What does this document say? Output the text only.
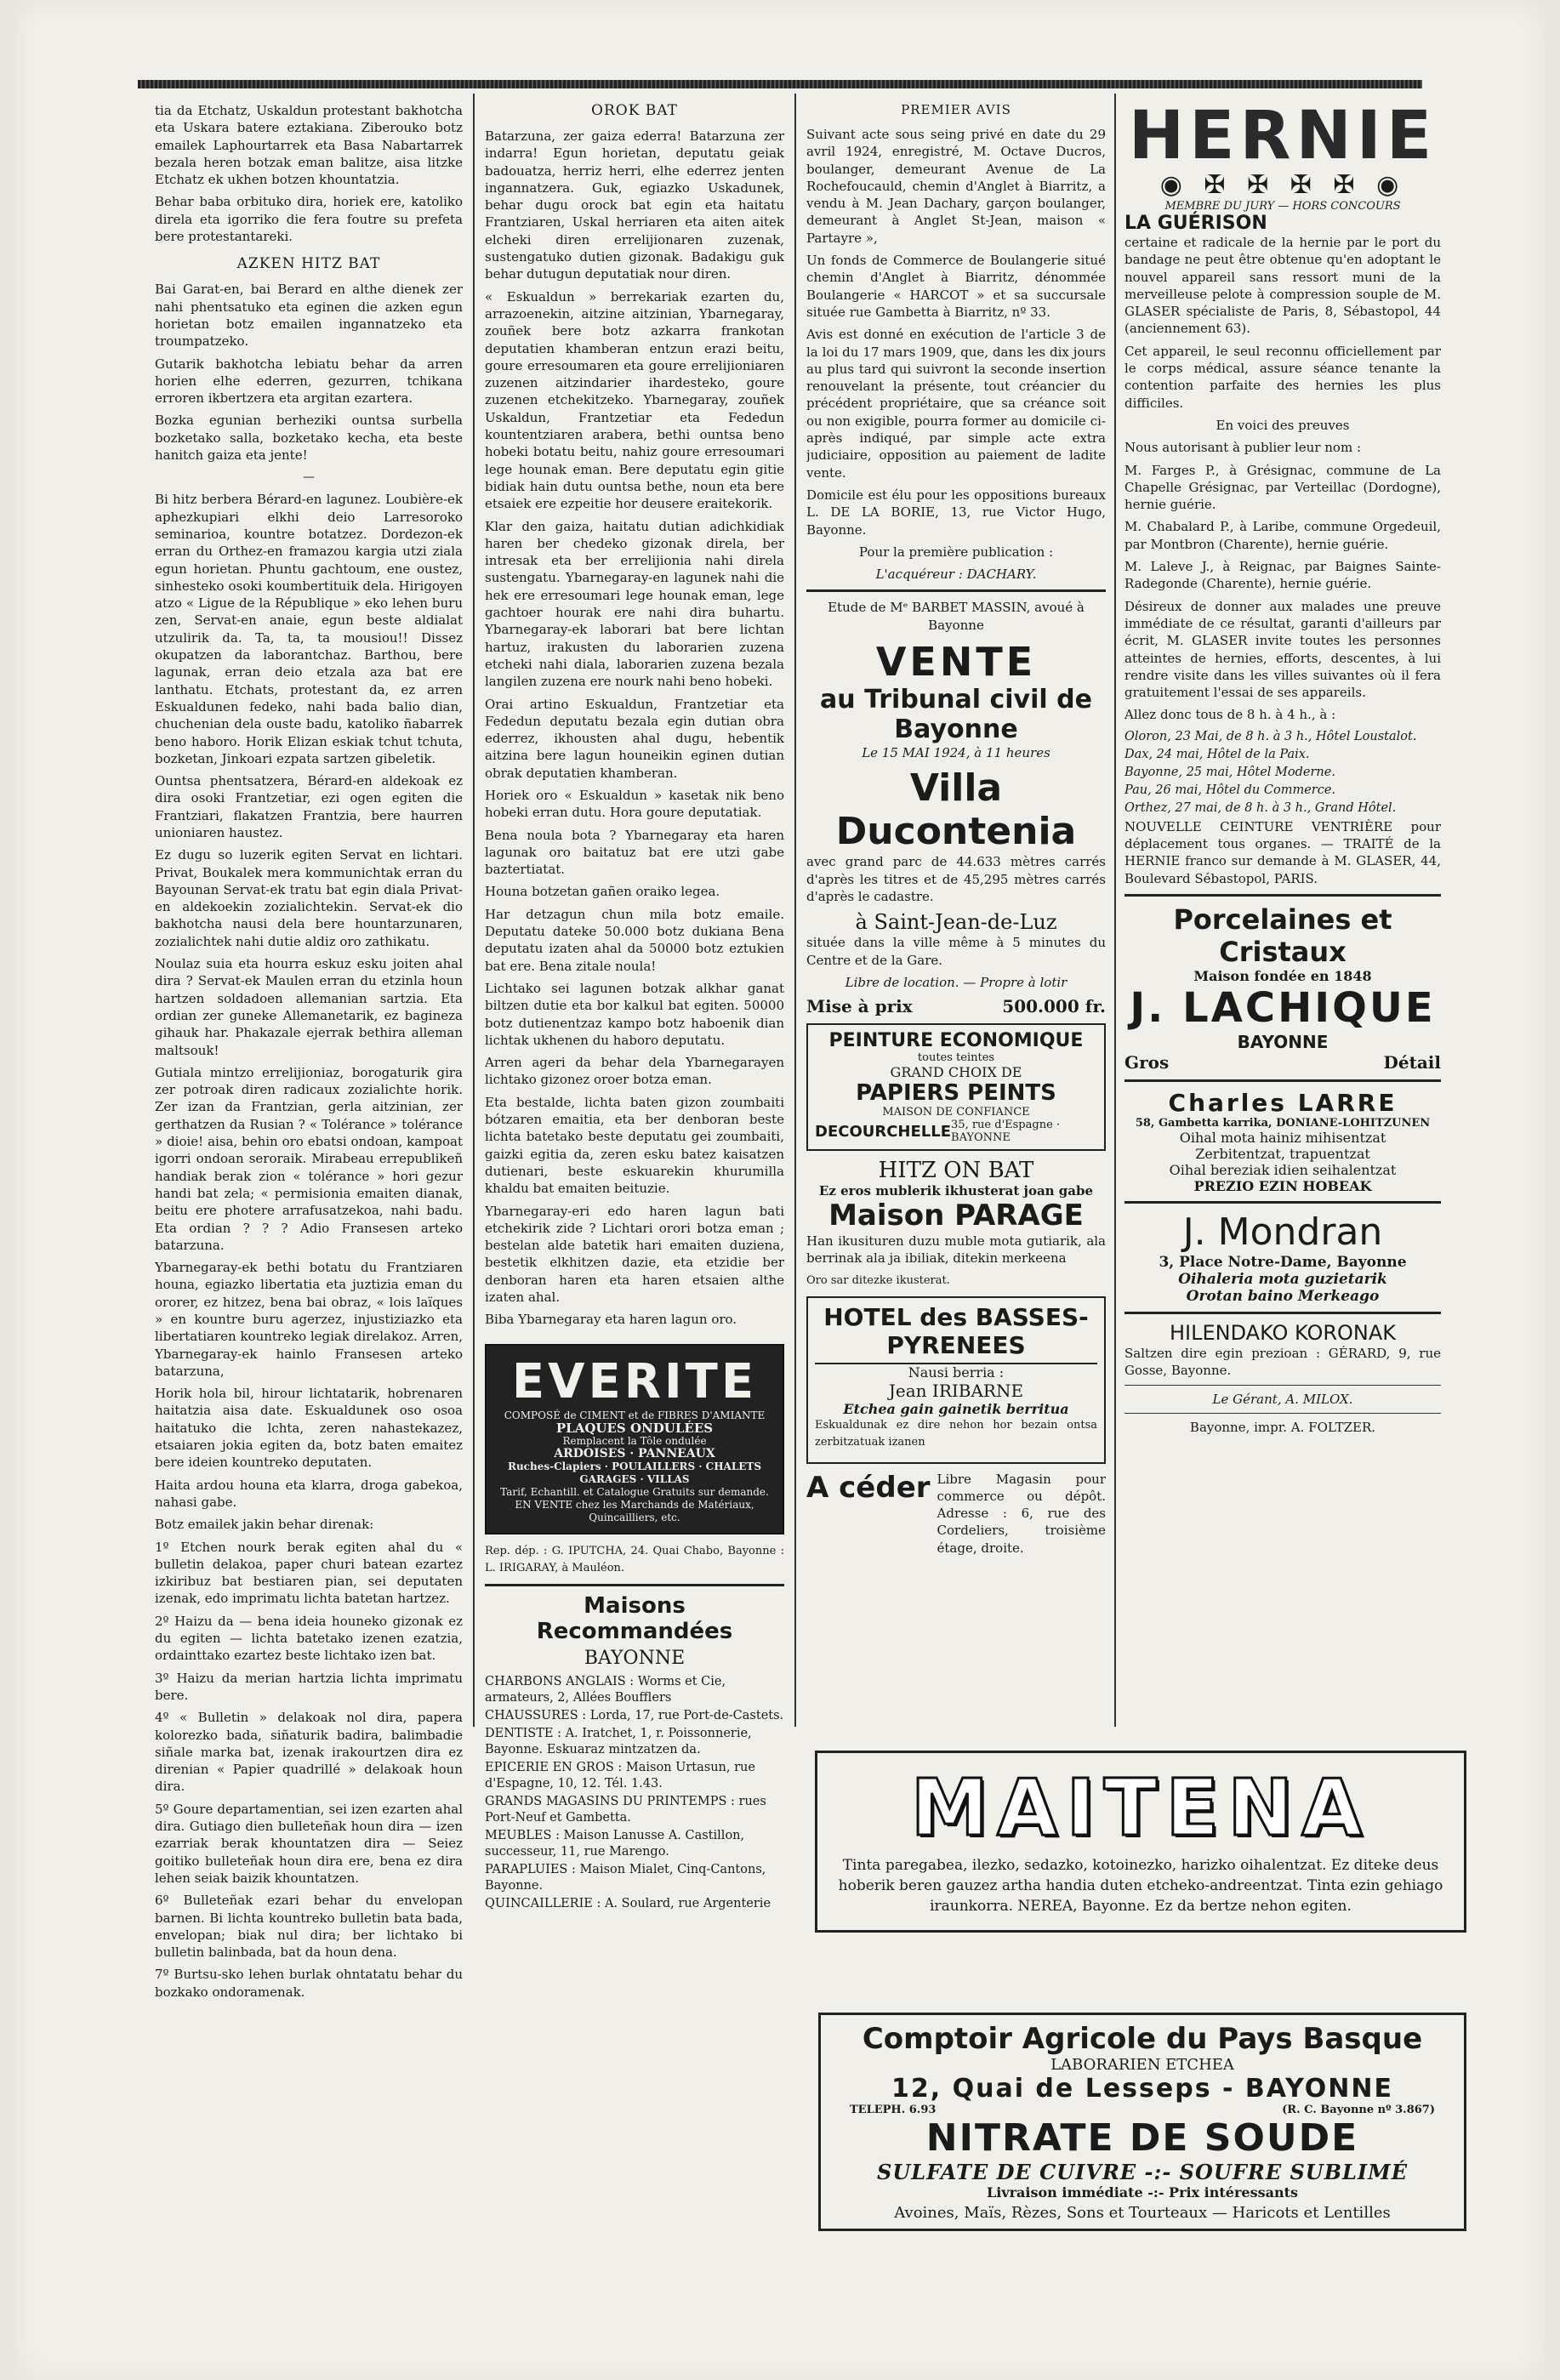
tia da Etchatz, Uskaldun protestant bakhotcha eta Uskara batere eztakiana. Ziberouko botz emailek Laphourtarrek eta Basa Nabartarrek bezala heren botzak eman balitze, aisa litzke Etchatz ek ukhen botzen khountatzia.

Behar baba orbituko dira, horiek ere, katoliko direla eta igorriko die fera foutre su prefeta bere protestantareki.

AZKEN HITZ BAT

Bai Garat-en, bai Berard en althe dienek zer nahi phentsatuko eta eginen die azken egun horietan botz emailen ingannatzeko eta troumpatzeko.

Gutarik bakhotcha lebiatu behar da arren horien elhe ederren, gezurren, tchikana erroren ikbertzera eta argitan ezartera.

Bozka egunian berheziki ountsa surbella bozketako salla, bozketako kecha, eta beste hanitch gaiza eta jente!

—

Bi hitz berbera Bérard-en lagunez. Loubière-ek aphezkupiari elkhi deio Larresoroko seminarioa, kountre botatzez. Dordezon-ek erran du Orthez-en framazou kargia utzi ziala egun horietan. Phuntu gachtoum, ene oustez, sinhesteko osoki koumbertituik dela. Hirigoyen atzo « Ligue de la République » eko lehen buru zen, Servat-en anaie, egun beste aldialat utzulirik da. Ta, ta, ta mousiou!! Dissez okupatzen da laborantchaz. Barthou, bere lagunak, erran deio etzala aza bat ere lanthatu. Etchats, protestant da, ez arren Eskualdunen fedeko, nahi bada balio dian, chuchenian dela ouste badu, katoliko ñabarrek beno haboro. Horik Elizan eskiak tchut tchuta, bozketan, Jinkoari ezpata sartzen gibeletik.

Ountsa phentsatzera, Bérard-en aldekoak ez dira osoki Frantzetiar, ezi ogen egiten die Frantziari, flakatzen Frantzia, bere haurren unioniaren haustez.

Ez dugu so luzerik egiten Servat en lichtari. Privat, Boukalek mera kommunichtak erran du Bayounan Servat-ek tratu bat egin diala Privat-en aldekoekin zozialichtekin. Servat-ek dio bakhotcha nausi dela bere hountarzunaren, zozialichtek nahi dutie aldiz oro zathikatu.

Noulaz suia eta hourra eskuz esku joiten ahal dira ? Servat-ek Maulen erran du etzinla houn hartzen soldadoen allemanian sartzia. Eta ordian zer guneke Allemanetarik, ez bagineza gihauk har. Phakazale ejerrak bethira alleman maltsouk!

Gutiala mintzo errelijioniaz, borogaturik gira zer potroak diren radicaux zozialichte horik. Zer izan da Frantzian, gerla aitzinian, zer gerthatzen da Rusian ? « Tolérance » tolérance » dioie! aisa, behin oro ebatsi ondoan, kampoat igorri ondoan seroraik. Mirabeau errepublikeñ handiak berak zion « tolérance » hori gezur handi bat zela; « permisionia emaiten dianak, beitu ere photere arrafusatzekoa, nahi badu. Eta ordian ? ? ? Adio Fransesen arteko batarzuna.

Ybarnegaray-ek bethi botatu du Frantziaren houna, egiazko libertatia eta juztizia eman du ororer, ez hitzez, bena bai obraz, « lois laïques » en kountre buru agerzez, injustiziazko eta libertatiaren kountreko legiak direlakoz. Arren, Ybarnegaray-ek hainlo Fransesen arteko batarzuna,

Horik hola bil, hirour lichtatarik, hobrenaren haitatzia aisa date. Eskualdunek oso osoa haitatuko die lchta, zeren nahastekazez, etsaiaren jokia egiten da, botz baten emaitez bere ideien kountreko deputaten.

Haita ardou houna eta klarra, droga gabekoa, nahasi gabe.

Botz emailek jakin behar direnak:

1º Etchen nourk berak egiten ahal du « bulletin delakoa, paper churi batean ezartez izkiribuz bat bestiaren pian, sei deputaten izenak, edo imprimatu lichta batetan hartzez.

2º Haizu da — bena ideia houneko gizonak ez du egiten — lichta batetako izenen ezatzia, ordainttako ezartez beste lichtako izen bat.

3º Haizu da merian hartzia lichta imprimatu bere.

4º « Bulletin » delakoak nol dira, papera kolorezko bada, siñaturik badira, balimbadie siñale marka bat, izenak irakourtzen dira ez direnian « Papier quadrillé » delakoak houn dira.

5º Goure departamentian, sei izen ezarten ahal dira. Gutiago dien bulleteñak houn dira — izen ezarriak berak khountatzen dira — Seiez goitiko bulleteñak houn dira ere, bena ez dira lehen seiak baizik khountatzen.

6º Bulleteñak ezari behar du envelopan barnen. Bi lichta kountreko bulletin bata bada, envelopan; biak nul dira; ber lichtako bi bulletin balinbada, bat da houn dena.

7º Burtsu-sko lehen burlak ohntatatu behar du bozkako ondoramenak.

OROK BAT

Batarzuna, zer gaiza ederra! Batarzuna zer indarra! Egun horietan, deputatu geiak badouatza, herriz herri, elhe ederrez jenten ingannatzera. Guk, egiazko Uskadunek, behar dugu orock bat egin eta haitatu Frantziaren, Uskal herriaren eta aiten aitek elcheki diren errelijionaren zuzenak, sustengatuko dutien gizonak. Badakigu guk behar dutugun deputatiak nour diren.

« Eskualdun » berrekariak ezarten du, arrazoenekin, aitzine aitzinian, Ybarnegaray, zouñek bere botz azkarra frankotan deputatien khamberan entzun erazi beitu, goure erresoumaren eta goure errelijioniaren zuzenen aitzindarier ihardesteko, goure zuzenen etchekitzeko. Ybarnegaray, zouñek Uskaldun, Frantzetiar eta Fededun kountentziaren arabera, bethi ountsa beno hobeki botatu beitu, nahiz goure erresoumari lege hounak eman. Bere deputatu egin gitie bidiak hain dutu ountsa bethe, noun eta bere etsaiek ere ezpeitie hor deusere eraitekorik.

Klar den gaiza, haitatu dutian adichkidiak haren ber chedeko gizonak direla, ber intresak eta ber errelijionia nahi direla sustengatu. Ybarnegaray-en lagunek nahi die hek ere erresoumari lege hounak eman, lege gachtoer hourak ere nahi dira buhartu. Ybarnegaray-ek laborari bat bere lichtan hartuz, irakusten du laborarien zuzena etcheki nahi diala, laborarien zuzena bezala langilen zuzena ere nourk nahi beno hobeki.

Orai artino Eskualdun, Frantzetiar eta Fededun deputatu bezala egin dutian obra ederrez, ikhousten ahal dugu, hebentik aitzina bere lagun houneikin eginen dutian obrak deputatien khamberan.

Horiek oro « Eskualdun » kasetak nik beno hobeki erran dutu. Hora goure deputatiak.

Bena noula bota ? Ybarnegaray eta haren lagunak oro baitatuz bat ere utzi gabe baztertiatat.

Houna botzetan gañen oraiko legea.

Har detzagun chun mila botz emaile. Deputatu dateke 50.000 botz dukiana Bena deputatu izaten ahal da 50000 botz eztukien bat ere. Bena zitale noula!

Lichtako sei lagunen botzak alkhar ganat biltzen dutie eta bor kalkul bat egiten. 50000 botz dutienentzaz kampo botz haboenik dian lichtak ukhenen du haboro deputatu.

Arren ageri da behar dela Ybarnegarayen lichtako gizonez oroer botza eman.

Eta bestalde, lichta baten gizon zoumbaiti bótzaren emaitia, eta ber denboran beste lichta batetako beste deputatu gei zoumbaiti, gaizki egitia da, zeren esku batez kaisatzen dutienari, beste eskuarekin khurumilla khaldu bat emaiten beituzie.

Ybarnegaray-eri edo haren lagun bati etchekirik zide ? Lichtari orori botza eman ; bestelan alde batetik hari emaiten duziena, bestetik elkhitzen dazie, eta etzidie ber denboran haren eta haren etsaien althe izaten ahal.

Biba Ybarnegaray eta haren lagun oro.

EVERITE
COMPOSÉ de CIMENT et de FIBRES D'AMIANTE
PLAQUES ONDULÉES
Remplacent la Tôle ondulée
ARDOISES · PANNEAUX
Ruches-Clapiers · POULAILLERS · CHALETS
GARAGES · VILLAS
Tarif, Echantill. et Catalogue Gratuits sur demande.
EN VENTE chez les Marchands de Matériaux, Quincailliers, etc.

Rep. dép. : G. IPUTCHA, 24. Quai Chabo, Bayonne : L. IRIGARAY, à Mauléon.

Maisons Recommandées
BAYONNE

CHARBONS ANGLAIS : Worms et Cie, armateurs, 2, Allées Boufflers

CHAUSSURES : Lorda, 17, rue Port-de-Castets.

DENTISTE : A. Iratchet, 1, r. Poissonnerie, Bayonne. Eskuaraz mintzatzen da.

EPICERIE EN GROS : Maison Urtasun, rue d'Espagne, 10, 12. Tél. 1.43.

GRANDS MAGASINS DU PRINTEMPS : rues Port-Neuf et Gambetta.

MEUBLES : Maison Lanusse A. Castillon, successeur, 11, rue Marengo.

PARAPLUIES : Maison Mialet, Cinq-Cantons, Bayonne.

QUINCAILLERIE : A. Soulard, rue Argenterie

PREMIER AVIS

Suivant acte sous seing privé en date du 29 avril 1924, enregistré, M. Octave Ducros, boulanger, demeurant Avenue de La Rochefoucauld, chemin d'Anglet à Biarritz, a vendu à M. Jean Dachary, garçon boulanger, demeurant à Anglet St-Jean, maison « Partayre »,

Un fonds de Commerce de Boulangerie situé chemin d'Anglet à Biarritz, dénommée Boulangerie « HARCOT » et sa succursale située rue Gambetta à Biarritz, nº 33.

Avis est donné en exécution de l'article 3 de la loi du 17 mars 1909, que, dans les dix jours au plus tard qui suivront la seconde insertion renouvelant la présente, tout créancier du précédent propriétaire, que sa créance soit ou non exigible, pourra former au domicile ci-après indiqué, par simple acte extra judiciaire, opposition au paiement de ladite vente.

Domicile est élu pour les oppositions bureaux L. DE LA BORIE, 13, rue Victor Hugo, Bayonne.

Pour la première publication :

L'acquéreur : DACHARY.

Etude de Mᵉ BARBET MASSIN, avoué à Bayonne

VENTE
au Tribunal civil de Bayonne

Le 15 MAI 1924, à 11 heures

Villa Ducontenia

avec grand parc de 44.633 mètres carrés d'après les titres et de 45,295 mètres carrés d'après le cadastre.

à Saint-Jean-de-Luz

située dans la ville même à 5 minutes du Centre et de la Gare.

Libre de location. — Propre à lotir

Mise à prix	500.000 fr.
PEINTURE ECONOMIQUE
toutes teintes
GRAND CHOIX DE
PAPIERS PEINTS
MAISON DE CONFIANCE
DECOURCHELLE 35, rue d'Espagne · BAYONNE
HITZ ON BAT
Ez eros mublerik ikhusterat joan gabe
Maison PARAGE

Han ikusituren duzu muble mota gutiarik, ala berrinak ala ja ibiliak, ditekin merkeena

Oro sar ditezke ikusterat.

HOTEL des BASSES-PYRENEES
Nausi berria :
Jean IRIBARNE
Etchea gain gainetik berritua

Eskualdunak ez dire nehon hor bezain ontsa zerbitzatuak izanen

A céder Libre Magasin pour commerce ou dépôt. Adresse : 6, rue des Cordeliers, troisième étage, droite.

HERNIE
◉ ✠ ✠ ✠ ✠ ◉
MEMBRE DU JURY — HORS CONCOURS
LA GUÉRISON

certaine et radicale de la hernie par le port du bandage ne peut être obtenue qu'en adoptant le nouvel appareil sans ressort muni de la merveilleuse pelote à compression souple de M. GLASER spécialiste de Paris, 8, Sébastopol, 44 (anciennement 63).

Cet appareil, le seul reconnu officiellement par le corps médical, assure séance tenante la contention parfaite des hernies les plus difficiles.

En voici des preuves

Nous autorisant à publier leur nom :

M. Farges P., à Grésignac, commune de La Chapelle Grésignac, par Verteillac (Dordogne), hernie guérie.

M. Chabalard P., à Laribe, commune Orgedeuil, par Montbron (Charente), hernie guérie.

M. Laleve J., à Reignac, par Baignes Sainte-Radegonde (Charente), hernie guérie.

Désireux de donner aux malades une preuve immédiate de ce résultat, garanti d'ailleurs par écrit, M. GLASER invite toutes les personnes atteintes de hernies, efforts, descentes, à lui rendre visite dans les villes suivantes où il fera gratuitement l'essai de ses appareils.

Allez donc tous de 8 h. à 4 h., à :

Oloron, 23 Mai, de 8 h. à 3 h., Hôtel Loustalot.

Dax, 24 mai, Hôtel de la Paix.

Bayonne, 25 mai, Hôtel Moderne.

Pau, 26 mai, Hôtel du Commerce.

Orthez, 27 mai, de 8 h. à 3 h., Grand Hôtel.

NOUVELLE CEINTURE VENTRIÈRE pour déplacement tous organes. — TRAITÉ de la HERNIE franco sur demande à M. GLASER, 44, Boulevard Sébastopol, PARIS.

Porcelaines et Cristaux
Maison fondée en 1848
J. LACHIQUE
BAYONNE
Gros	Détail
Charles LARRE
58, Gambetta karrika, DONIANE-LOHITZUNEN
Oihal mota hainiz mihisentzat
Zerbitentzat, trapuentzat
Oihal bereziak idien seihalentzat
PREZIO EZIN HOBEAK
J. Mondran
3, Place Notre-Dame, Bayonne
Oihaleria mota guzietarik
Orotan baino Merkeago
HILENDAKO KORONAK

Saltzen dire egin prezioan : GÉRARD, 9, rue Gosse, Bayonne.

Le Gérant, A. MILOX.

Bayonne, impr. A. FOLTZER.

MAITENA

Tinta paregabea, ilezko, sedazko, kotoinezko, harizko oihalentzat. Ez diteke deus hoberik beren gauzez artha handia duten etcheko-andreentzat. Tinta ezin gehiago iraunkorra. NEREA, Bayonne. Ez da bertze nehon egiten.

Comptoir Agricole du Pays Basque
LABORARIEN ETCHEA
12, Quai de Lesseps - BAYONNE
TELEPH. 6.93	(R. C. Bayonne nº 3.867)
NITRATE DE SOUDE
SULFATE DE CUIVRE -:- SOUFRE SUBLIMÉ
Livraison immédiate -:- Prix intéressants
Avoines, Maïs, Rèzes, Sons et Tourteaux — Haricots et Lentilles
